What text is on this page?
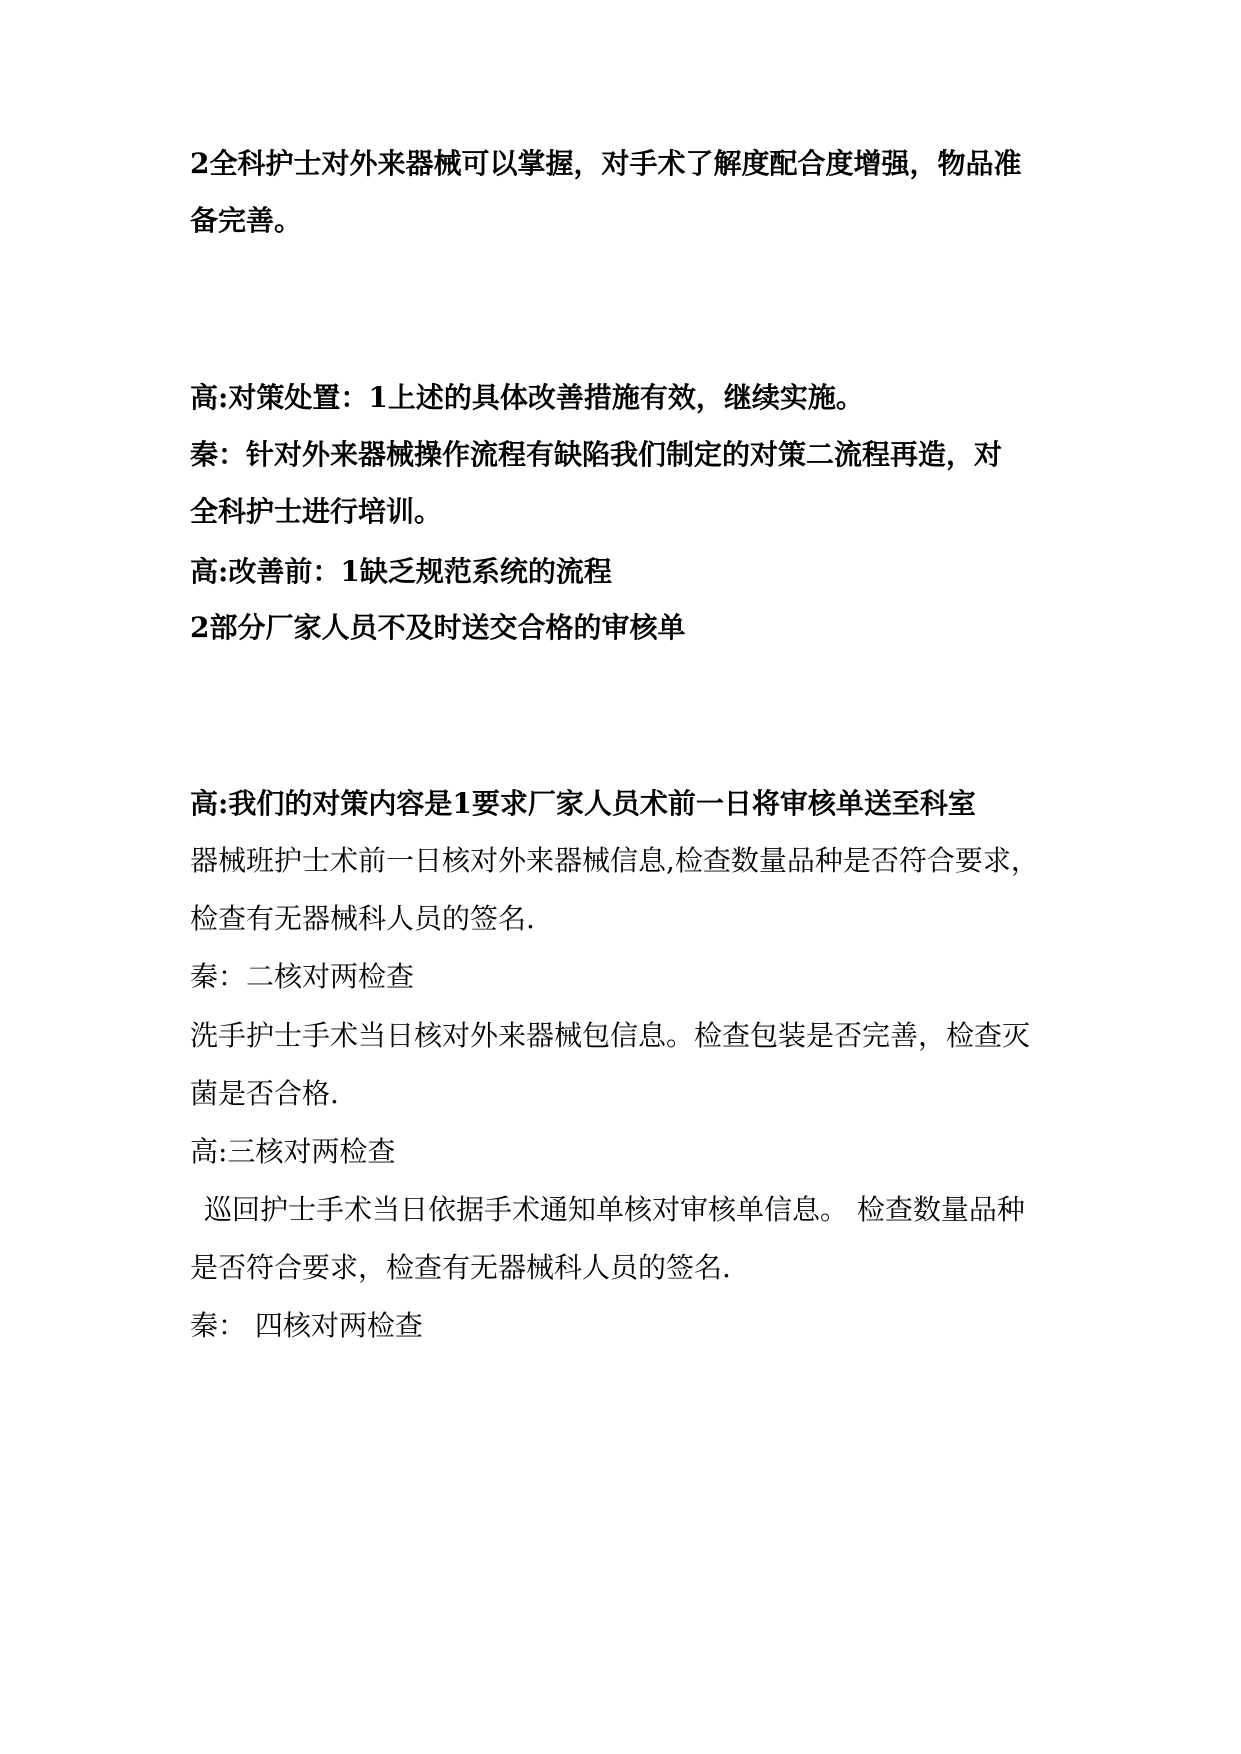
2全科护士对外来器械可以掌握，对手术了解度配合度增强，物品准
备完善。
高:对策处置：1上述的具体改善措施有效，继续实施。
秦：针对外来器械操作流程有缺陷我们制定的对策二流程再造，对
全科护士进行培训。
高:改善前：1缺乏规范系统的流程
2部分厂家人员不及时送交合格的审核单
高:我们的对策内容是1要求厂家人员术前一日将审核单送至科室
器械班护士术前一日核对外来器械信息,检查数量品种是否符合要求，
检查有无器械科人员的签名.
秦：二核对两检查
洗手护士手术当日核对外来器械包信息。检查包装是否完善，检查灭
菌是否合格.
高:三核对两检查
巡回护士手术当日依据手术通知单核对审核单信息。 检查数量品种
是否符合要求，检查有无器械科人员的签名.
秦： 四核对两检查
